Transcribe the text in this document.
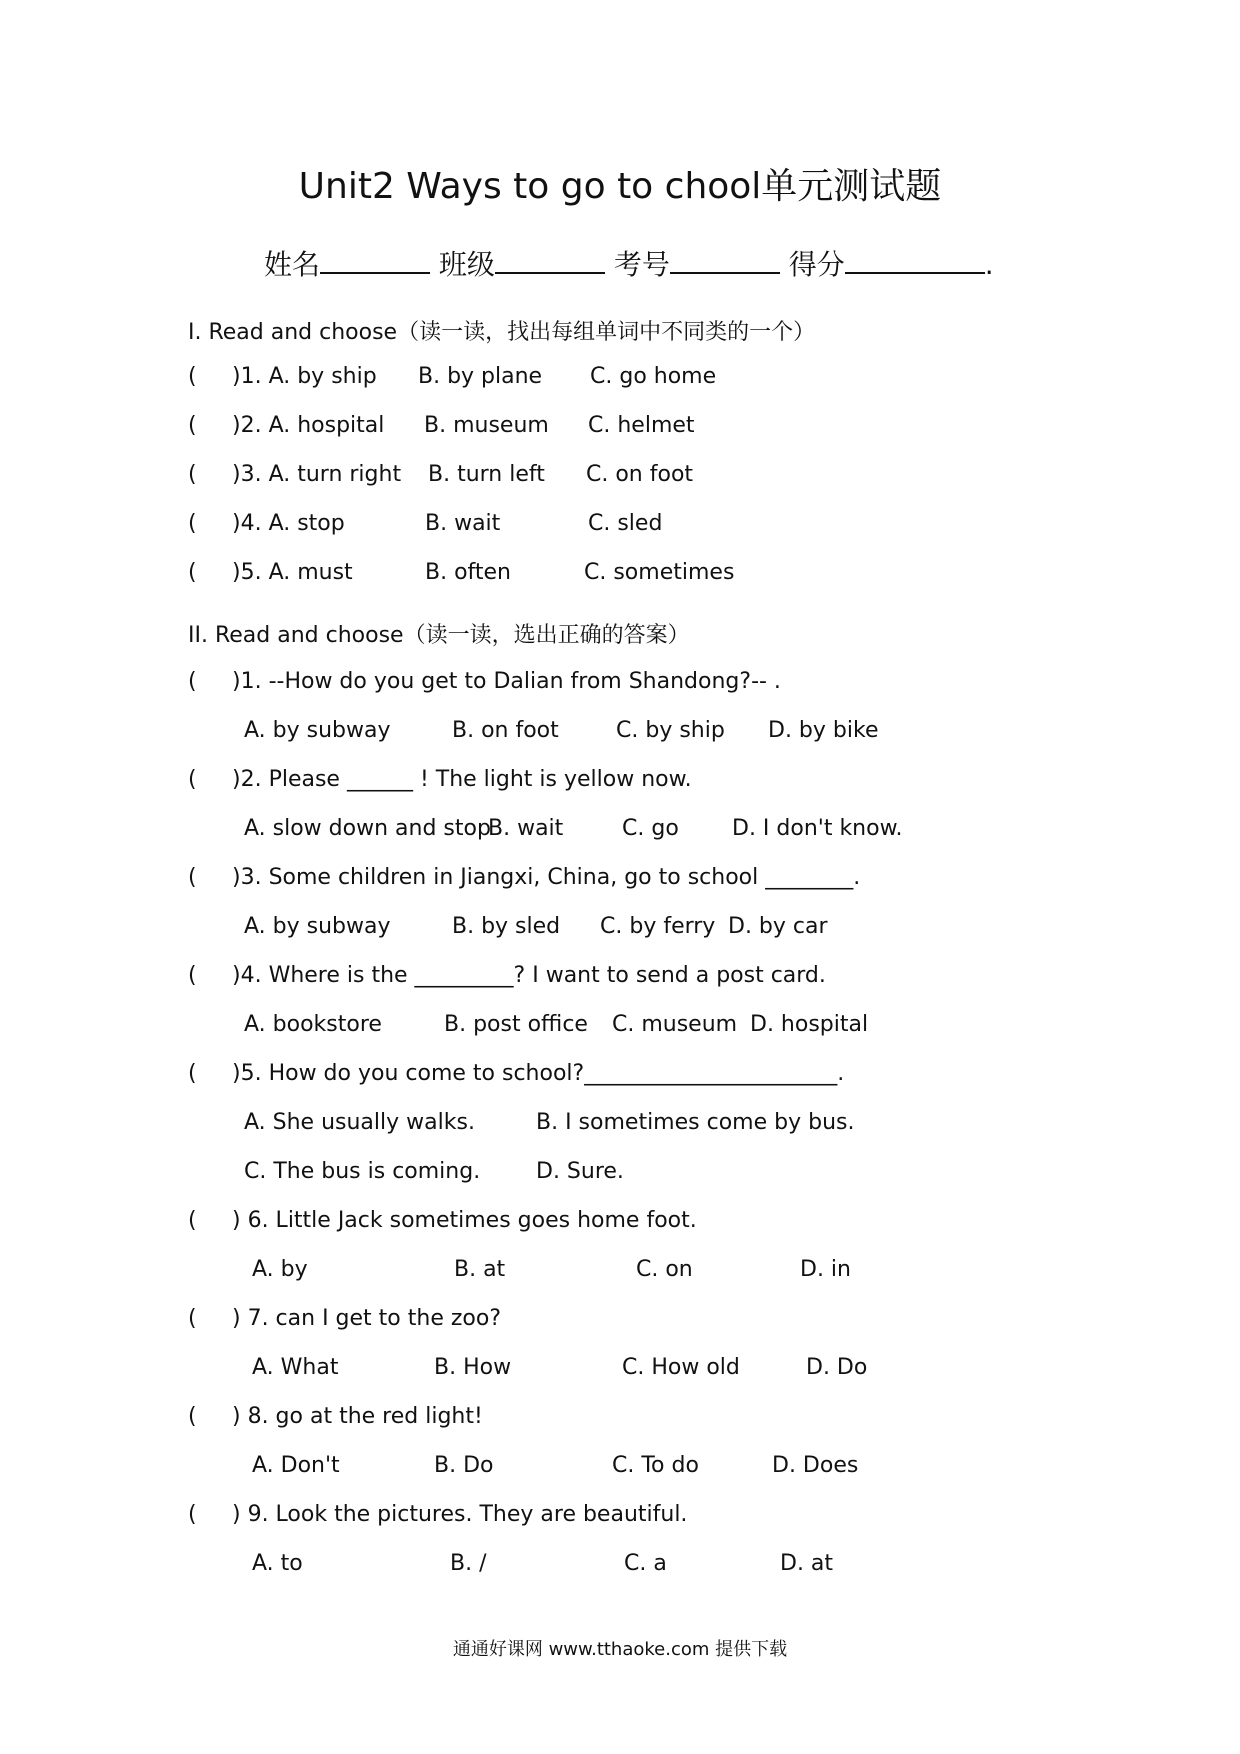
Unit2 Ways to go to chool单元测试题
姓名	班级	考号	得分	.
I. Read and choose（读一读，找出每组单词中不同类的一个）
( )1. A. by ship B. by plane C. go home
( )2. A. hospital B. museum C. helmet
( )3. A. turn right B. turn left C. on foot
( )4. A. stop	B. wait	C. sled
( )5. A. must	B. often	C. sometimes
II. Read and choose（读一读，选出正确的答案）
( )1. --How do you get to Dalian from Shandong?-- .
A. by subway	B. on foot	C. by ship D. by bike
( )2. Please ______ ! The light is yellow now.
A. slow down and stop
B. wait	C. go D. I don't know.
( )3. Some children in Jiangxi, China, go to school ________.
A. by subway	B. by sled C. by ferry D. by car
( )4. Where is the _________? I want to send a post card.
A. bookstore	B. post office C. museum D. hospital
( )5. How do you come to school?_______________________.
A. She usually walks.	B. I sometimes come by bus.
C. The bus is coming.	D. Sure.
( ) 6. Little Jack sometimes goes home foot.
A. by	B. at	C. on	D. in
( ) 7. can I get to the zoo?
A. What	B. How	C. How old	D. Do
( ) 8. go at the red light!
A. Don't	B. Do	C. To do	D. Does
( ) 9. Look the pictures. They are beautiful.
A. to	B. /	C. a	D. at
通通好课网 www.tthaoke.com 提供下载
